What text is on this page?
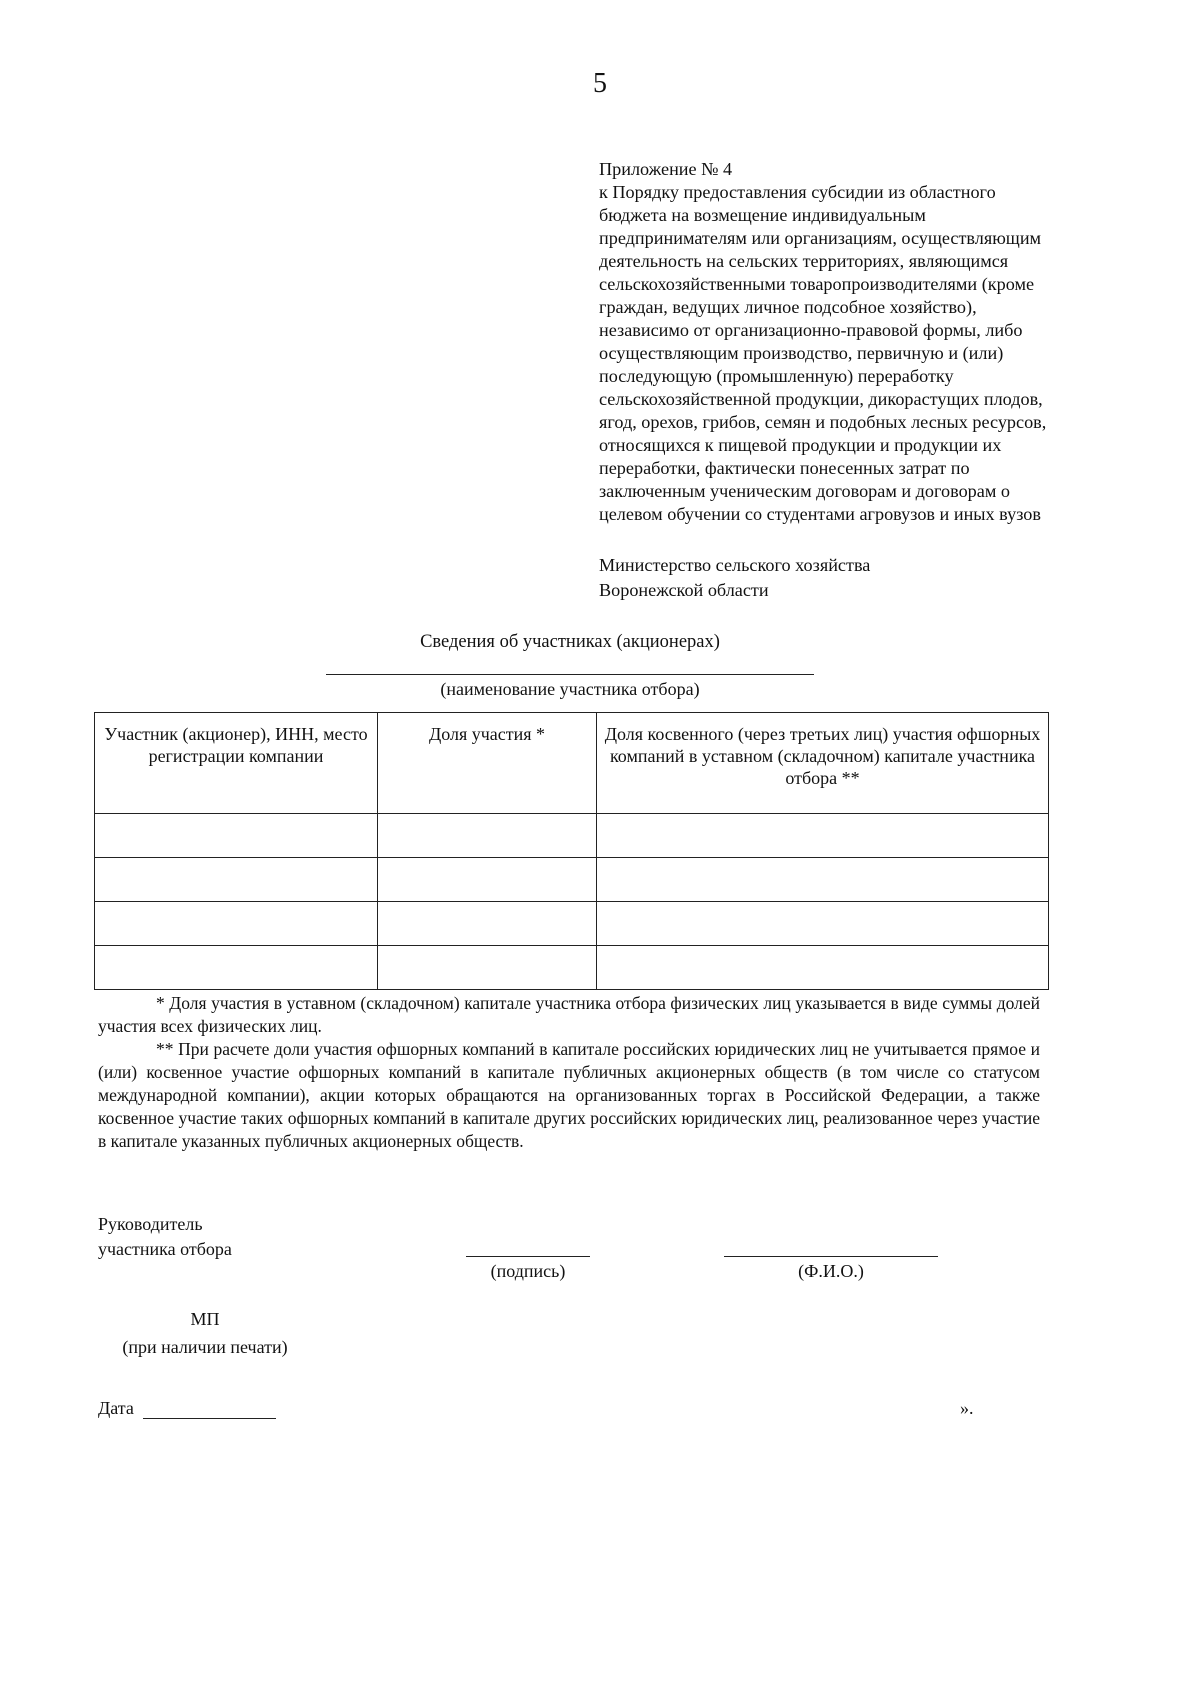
5
Приложение № 4
к Порядку предоставления субсидии из областного
бюджета на возмещение индивидуальным
предпринимателям или организациям, осуществляющим
деятельность на сельских территориях, являющимся
сельскохозяйственными товаропроизводителями (кроме
граждан, ведущих личное подсобное хозяйство),
независимо от организационно-правовой формы, либо
осуществляющим производство, первичную и (или)
последующую (промышленную) переработку
сельскохозяйственной продукции, дикорастущих плодов,
ягод, орехов, грибов, семян и подобных лесных ресурсов,
относящихся к пищевой продукции и продукции их
переработки, фактически понесенных затрат по
заключенным ученическим договорам и договорам о
целевом обучении со студентами агровузов и иных вузов
Министерство сельского хозяйства
Воронежской области
Сведения об участниках (акционерах)
(наименование участника отбора)
Участник (акционер), ИНН, место регистрации компании	Доля участия *	Доля косвенного (через третьих лиц) участия офшорных компаний в уставном (складочном) капитале участника отбора **

* Доля участия в уставном (складочном) капитале участника отбора физических лиц указывается в виде суммы долей участия всех физических лиц.

** При расчете доли участия офшорных компаний в капитале российских юридических лиц не учитывается прямое и (или) косвенное участие офшорных компаний в капитале публичных акционерных обществ (в том числе со статусом международной компании), акции которых обращаются на организованных торгах в Российской Федерации, а также косвенное участие таких офшорных компаний в капитале других российских юридических лиц, реализованное через участие в капитале указанных публичных акционерных обществ.

Руководитель
участника отбора
(подпись)	(Ф.И.О.)
МП
(при наличии печати)
Дата	».
